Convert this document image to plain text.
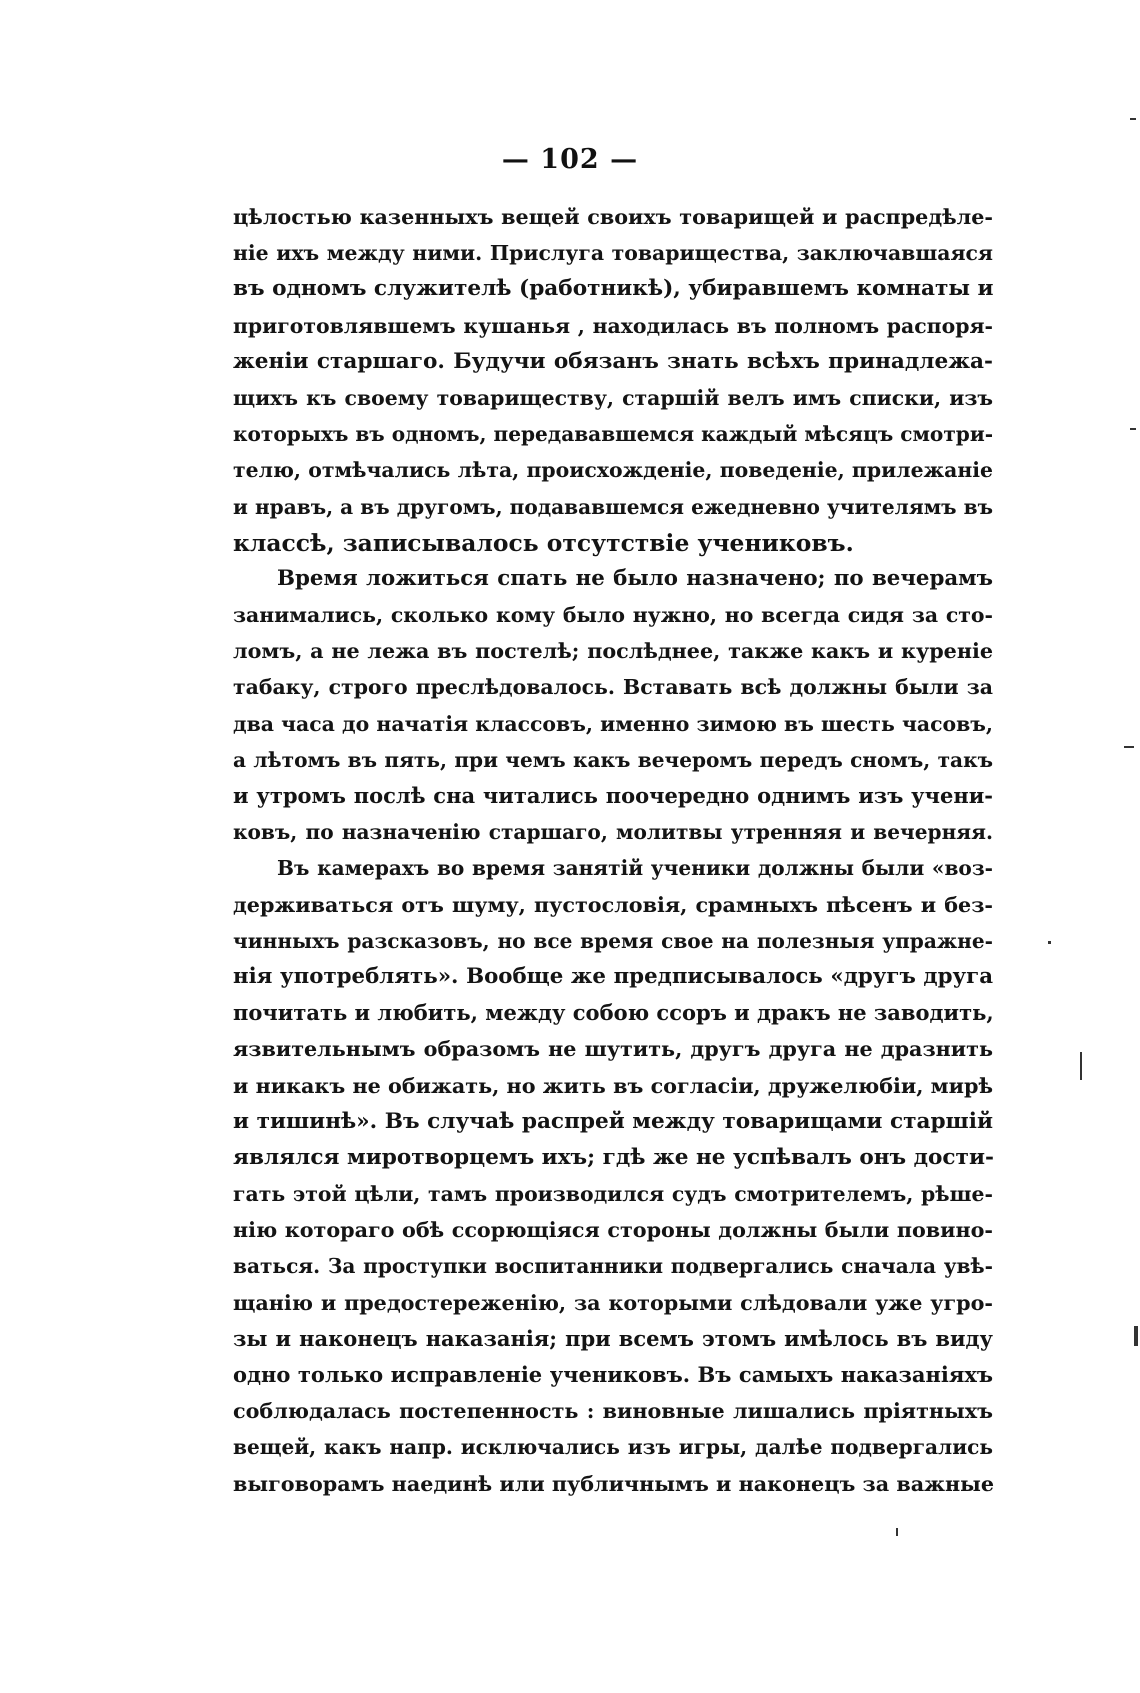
— 102 —
цѣлостью казенныхъ вещей своихъ товарищей и распредѣле-
ніе ихъ между ними. Прислуга товарищества, заключавшаяся
въ одномъ служителѣ (работникѣ), убиравшемъ комнаты и
приготовлявшемъ кушанья , находилась въ полномъ распоря-
женіи старшаго. Будучи обязанъ знать всѣхъ принадлежа-
щихъ къ своему товариществу, старшій велъ имъ списки, изъ
которыхъ въ одномъ, передававшемся каждый мѣсяцъ смотри-
телю, отмѣчались лѣта, происхожденіе, поведеніе, прилежаніе
и нравъ, а въ другомъ, подававшемся ежедневно учителямъ въ
классѣ, записывалось отсутствіе учениковъ.
Время ложиться спать не было назначено; по вечерамъ
занимались, сколько кому было нужно, но всегда сидя за сто-
ломъ, а не лежа въ постелѣ; послѣднее, также какъ и куреніе
табаку, строго преслѣдовалось. Вставать всѣ должны были за
два часа до начатія классовъ, именно зимою въ шесть часовъ,
а лѣтомъ въ пять, при чемъ какъ вечеромъ передъ сномъ, такъ
и утромъ послѣ сна читались поочередно однимъ изъ учени-
ковъ, по назначенію старшаго, молитвы утренняя и вечерняя.
Въ камерахъ во время занятій ученики должны были «воз-
держиваться отъ шуму, пустословія, срамныхъ пѣсенъ и без-
чинныхъ разсказовъ, но все время свое на полезныя упражне-
нія употреблять». Вообще же предписывалось «другъ друга
почитать и любить, между собою ссоръ и дракъ не заводить,
язвительнымъ образомъ не шутить, другъ друга не дразнить
и никакъ не обижать, но жить въ согласіи, дружелюбіи, мирѣ
и тишинѣ». Въ случаѣ распрей между товарищами старшій
являлся миротворцемъ ихъ; гдѣ же не успѣвалъ онъ дости-
гать этой цѣли, тамъ производился судъ смотрителемъ, рѣше-
нію котораго обѣ ссорющіяся стороны должны были повино-
ваться. За проступки воспитанники подвергались сначала увѣ-
щанію и предостереженію, за которыми слѣдовали уже угро-
зы и наконецъ наказанія; при всемъ этомъ имѣлось въ виду
одно только исправленіе учениковъ. Въ самыхъ наказаніяхъ
соблюдалась постепенность : виновные лишались пріятныхъ
вещей, какъ напр. исключались изъ игры, далѣе подвергались
выговорамъ наединѣ или публичнымъ и наконецъ за важные
